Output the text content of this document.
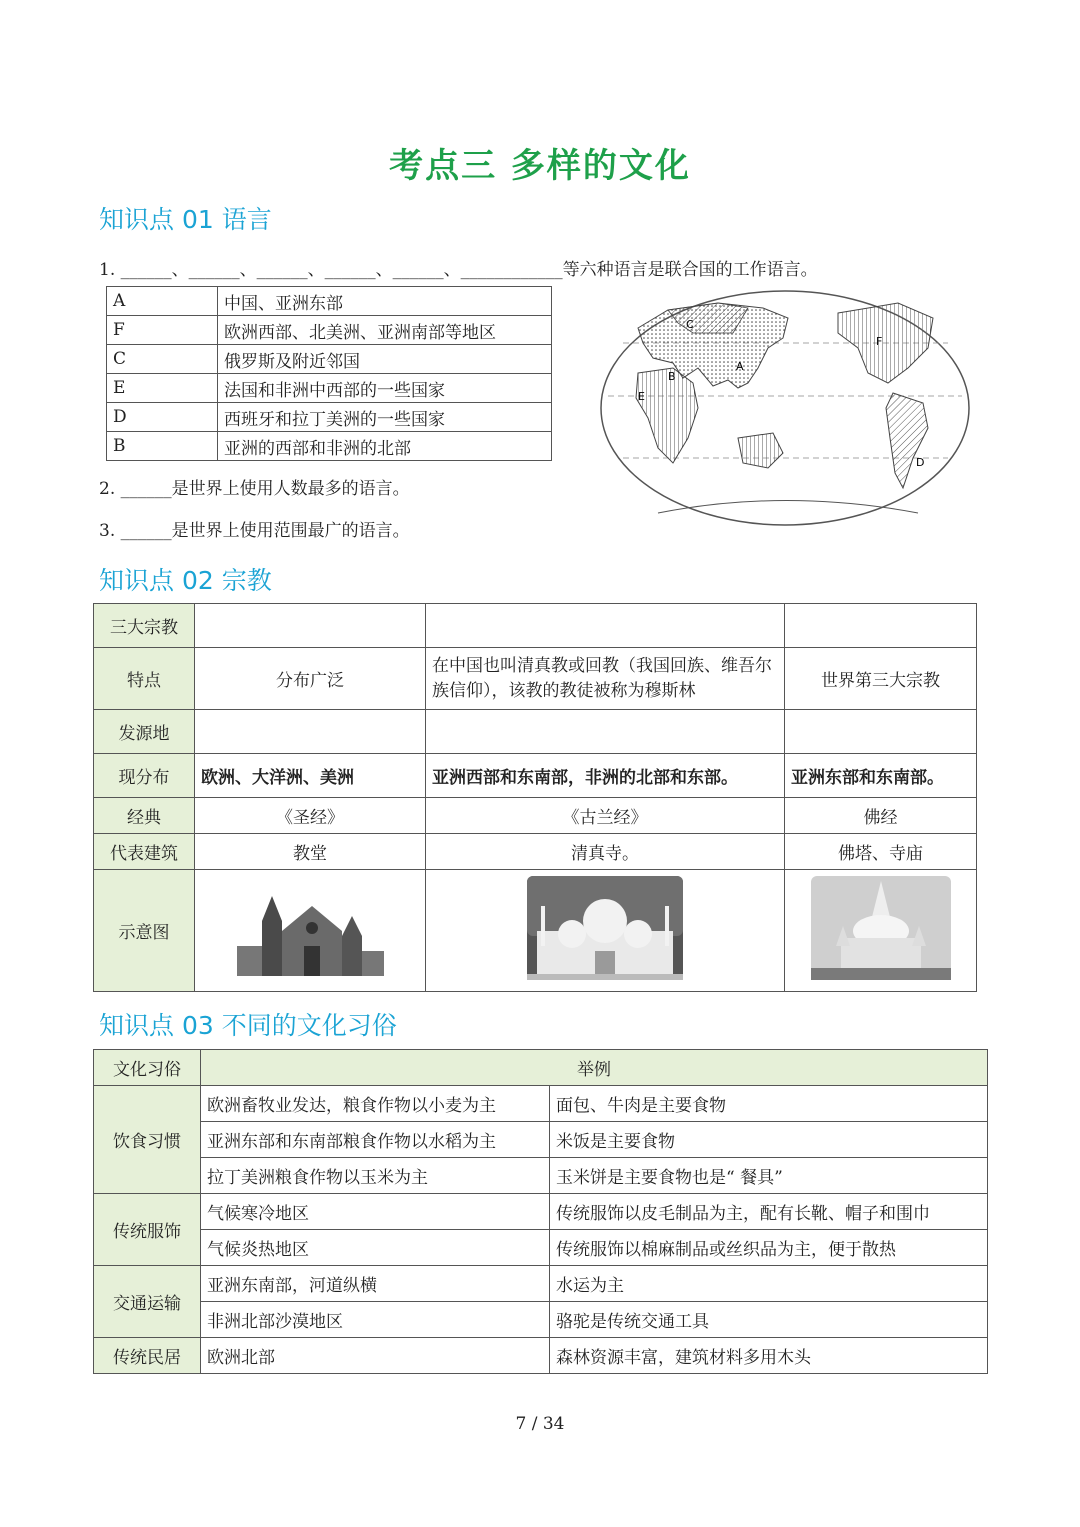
考点三 多样的文化
知识点 01 语言
1. ______、______、______、______、______、____________等六种语言是联合国的工作语言。
A	中国、亚洲东部
F	欧洲西部、北美洲、亚洲南部等地区
C	俄罗斯及附近邻国
E	法国和非洲中西部的一些国家
D	西班牙和拉丁美洲的一些国家
B	亚洲的西部和非洲的北部
2. ______是世界上使用人数最多的语言。
3. ______是世界上使用范围最广的语言。
C
F
B
A
E
D
知识点 02 宗教
三大宗教			
特点	分布广泛	在中国也叫清真教或回教（我国回族、维吾尔族信仰），该教的教徒被称为穆斯林	世界第三大宗教
发源地			
现分布	欧洲、大洋洲、美洲	亚洲西部和东南部，非洲的北部和东部。	亚洲东部和东南部。
经典	《圣经》	《古兰经》	佛经
代表建筑	教堂	清真寺。	佛塔、寺庙
示意图			
知识点 03 不同的文化习俗
文化习俗	举例	
饮食习惯	欧洲畜牧业发达，粮食作物以小麦为主	面包、牛肉是主要食物
	亚洲东部和东南部粮食作物以水稻为主	米饭是主要食物
	拉丁美洲粮食作物以玉米为主	玉米饼是主要食物也是“ 餐具”
传统服饰	气候寒冷地区	传统服饰以皮毛制品为主，配有长靴、帽子和围巾
	气候炎热地区	传统服饰以棉麻制品或丝织品为主，便于散热
交通运输	亚洲东南部，河道纵横	水运为主
	非洲北部沙漠地区	骆驼是传统交通工具
传统民居	欧洲北部	森林资源丰富，建筑材料多用木头
7 / 34
